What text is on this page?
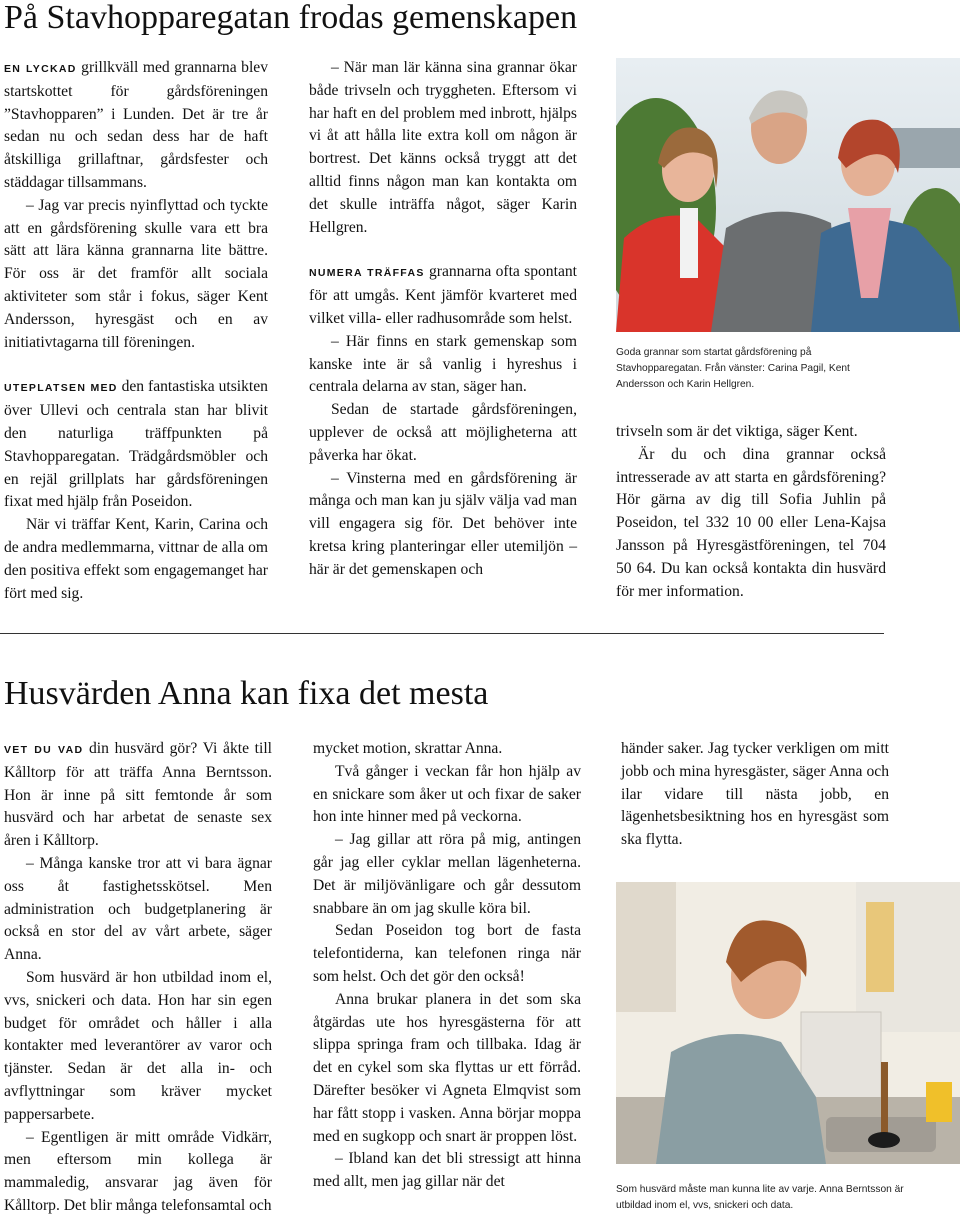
På Stavhopparegatan frodas gemenskapen

EN LYCKAD grillkväll med grannarna blev startskottet för gårdsföreningen ”Stavhopparen” i Lunden. Det är tre år sedan nu och sedan dess har de haft åtskilliga grillaftnar, gårdsfester och städdagar tillsammans.

– Jag var precis nyinflyttad och tyckte att en gårdsförening skulle vara ett bra sätt att lära känna grannarna lite bättre. För oss är det framför allt sociala aktiviteter som står i fokus, säger Kent Andersson, hyresgäst och en av initiativtagarna till föreningen.

UTEPLATSEN MED den fantastiska utsikten över Ullevi och centrala stan har blivit den naturliga träffpunkten på Stavhopparegatan. Trädgårdsmöbler och en rejäl grillplats har gårdsföreningen fixat med hjälp från Poseidon.

När vi träffar Kent, Karin, Carina och de andra medlemmarna, vittnar de alla om den positiva effekt som engagemanget har fört med sig.

– När man lär känna sina grannar ökar både trivseln och tryggheten. Eftersom vi har haft en del problem med inbrott, hjälps vi åt att hålla lite extra koll om någon är bortrest. Det känns också tryggt att det alltid finns någon man kan kontakta om det skulle inträffa något, säger Karin Hellgren.

NUMERA TRÄFFAS grannarna ofta spontant för att umgås. Kent jämför kvarteret med vilket villa- eller radhusområde som helst.

– Här finns en stark gemenskap som kanske inte är så vanlig i hyreshus i centrala delarna av stan, säger han.

Sedan de startade gårdsföreningen, upplever de också att möjligheterna att påverka har ökat.

– Vinsterna med en gårdsförening är många och man kan ju själv välja vad man vill engagera sig för. Det behöver inte kretsa kring planteringar eller utemiljön – här är det gemenskapen och

Goda grannar som startat gårdsförening på Stavhopparegatan. Från vänster: Carina Pagil, Kent Andersson och Karin Hellgren.

trivseln som är det viktiga, säger Kent.

Är du och dina grannar också intresserade av att starta en gårdsförening? Hör gärna av dig till Sofia Juhlin på Poseidon, tel 332 10 00 eller Lena-Kajsa Jansson på Hyresgästföreningen, tel 704 50 64. Du kan också kontakta din husvärd för mer information.

Husvärden Anna kan fixa det mesta

VET DU VAD din husvärd gör? Vi åkte till Kålltorp för att träffa Anna Berntsson. Hon är inne på sitt femtonde år som husvärd och har arbetat de senaste sex åren i Kålltorp.

– Många kanske tror att vi bara ägnar oss åt fastighetsskötsel. Men administration och budgetplanering är också en stor del av vårt arbete, säger Anna.

Som husvärd är hon utbildad inom el, vvs, snickeri och data. Hon har sin egen budget för området och håller i alla kontakter med leverantörer av varor och tjänster. Sedan är det alla in- och avflyttningar som kräver mycket pappersarbete.

– Egentligen är mitt område Vidkärr, men eftersom min kollega är mammaledig, ansvarar jag även för Kålltorp. Det blir många telefonsamtal och

mycket motion, skrattar Anna.

Två gånger i veckan får hon hjälp av en snickare som åker ut och fixar de saker hon inte hinner med på veckorna.

– Jag gillar att röra på mig, antingen går jag eller cyklar mellan lägenheterna. Det är miljövänligare och går dessutom snabbare än om jag skulle köra bil.

Sedan Poseidon tog bort de fasta telefontiderna, kan telefonen ringa när som helst. Och det gör den också!

Anna brukar planera in det som ska åtgärdas ute hos hyresgästerna för att slippa springa fram och tillbaka. Idag är det en cykel som ska flyttas ur ett förråd. Därefter besöker vi Agneta Elmqvist som har fått stopp i vasken. Anna börjar moppa med en sugkopp och snart är proppen löst.

– Ibland kan det bli stressigt att hinna med allt, men jag gillar när det

händer saker. Jag tycker verkligen om mitt jobb och mina hyresgäster, säger Anna och ilar vidare till nästa jobb, en lägenhetsbesiktning hos en hyresgäst som ska flytta.

Som husvärd måste man kunna lite av varje. Anna Berntsson är utbildad inom el, vvs, snickeri och data.
